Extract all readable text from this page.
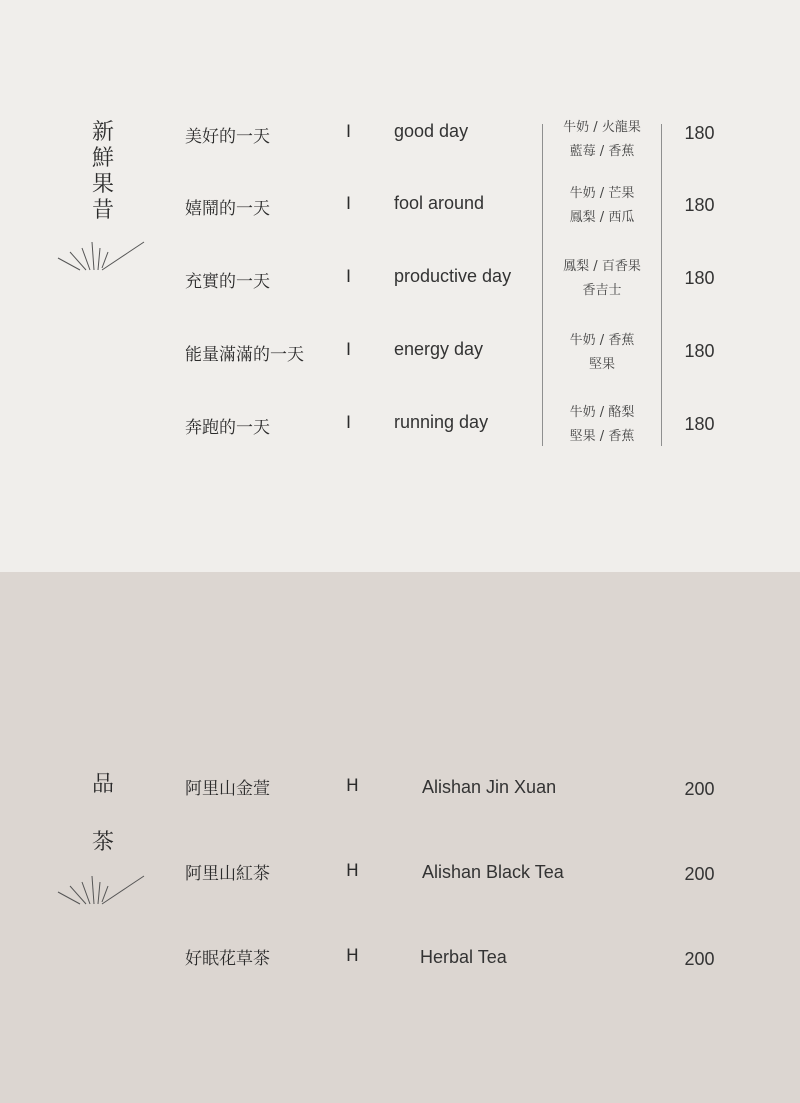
新鮮果昔
美好的一天	I good day	牛奶 / 火龍果
藍莓 / 香蕉
180
嬉鬧的一天	I fool around	牛奶 / 芒果
鳳梨 / 西瓜
180
充實的一天	I productive day	鳳梨 / 百香果
香吉士
180
能量滿滿的一天 I energy day	牛奶 / 香蕉
堅果
180
奔跑的一天	I running day	牛奶 / 酪梨
堅果 / 香蕉
180
品
茶
阿里山金萱	H	Alishan Jin Xuan	200
阿里山紅茶	H	Alishan Black Tea	200
好眠花草茶	H	Herbal Tea	200
